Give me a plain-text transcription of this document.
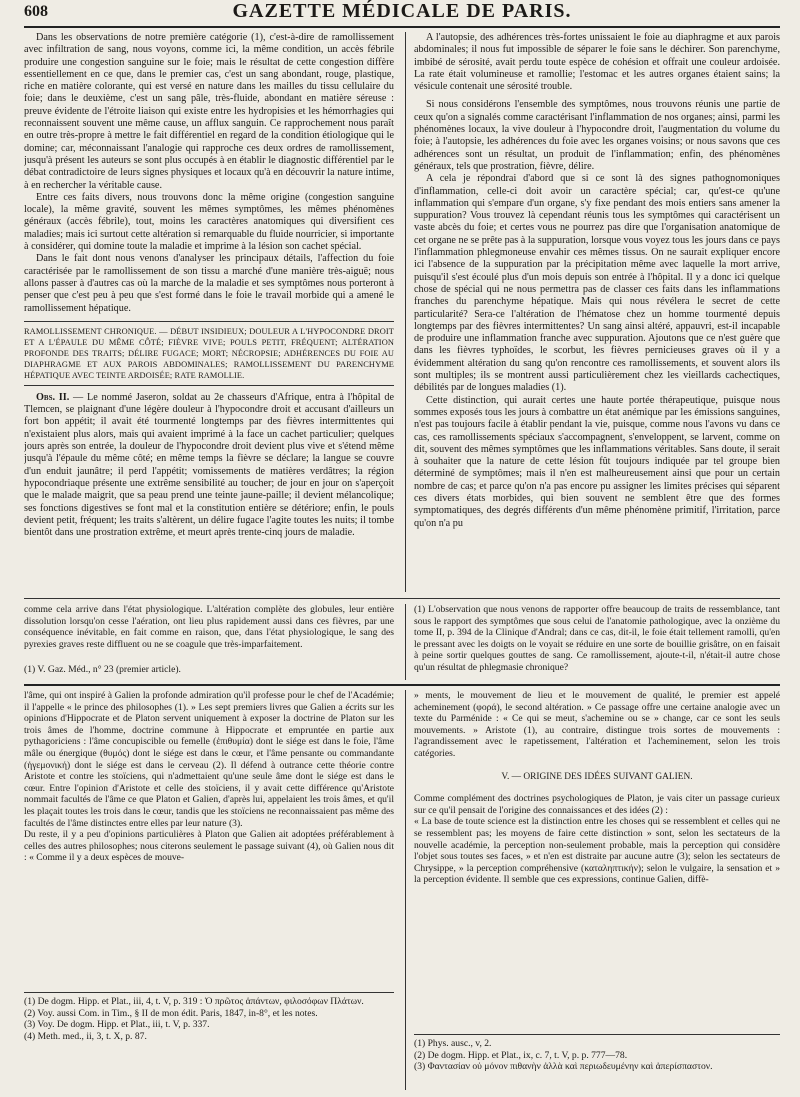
608	GAZETTE MÉDICALE DE PARIS.

Dans les observations de notre première catégorie (1), c'est-à-dire de ramollissement avec infiltration de sang, nous voyons, comme ici, la même condition, un accès fébrile produire une congestion sanguine sur le foie; mais le résultat de cette congestion diffère essentiellement en ce que, dans le premier cas, c'est un sang abondant, rouge, plastique, riche en matière colorante, qui est versé en nature dans les mailles du tissu cellulaire du foie; dans le deuxième, c'est un sang pâle, très-fluide, abondant en matière séreuse : preuve évidente de l'étroite liaison qui existe entre les hydropisies et les hémorrhagies qui reconnaissent souvent une même cause, un afflux sanguin. Ce rapprochement nous paraît en outre très-propre à mettre le fait différentiel en regard de la condition étiologique qui le domine; car, méconnaissant l'analogie qui rapproche ces deux ordres de ramollissement, jusqu'à présent les auteurs se sont plus occupés à en établir le diagnostic différentiel par le débat contradictoire de leurs signes physiques et locaux qu'à en découvrir la nature intime, à en rechercher la véritable cause.

Entre ces faits divers, nous trouvons donc la même origine (congestion sanguine locale), la même gravité, souvent les mêmes symptômes, les mêmes phénomènes généraux (accès fébrile), tout, moins les caractères anatomiques qui diversifient ces maladies; mais ici surtout cette altération si remarquable du fluide nourricier, si importante à considérer, qui domine toute la maladie et imprime à la lésion son cachet spécial.

Dans le fait dont nous venons d'analyser les principaux détails, l'affection du foie caractérisée par le ramollissement de son tissu a marché d'une manière très-aiguë; nous allons passer à d'autres cas où la marche de la maladie et ses symptômes nous porteront à penser que c'est peu à peu que s'est formé dans le foie le travail morbide qui a amené le ramollissement hépatique.

RAMOLLISSEMENT CHRONIQUE. — DÉBUT INSIDIEUX; DOULEUR A L'HYPOCONDRE DROIT ET A L'ÉPAULE DU MÊME CÔTÉ; FIÈVRE VIVE; POULS PETIT, FRÉQUENT; ALTÉRATION PROFONDE DES TRAITS; DÉLIRE FUGACE; MORT; NÉCROPSIE; ADHÉRENCES DU FOIE AU DIAPHRAGME ET AUX PAROIS ABDOMINALES; RAMOLLISSEMENT DU PARENCHYME HÉPATIQUE AVEC TEINTE ARDOISÉE; RATE RAMOLLIE.

Obs. II. — Le nommé Jaseron, soldat au 2e chasseurs d'Afrique, entra à l'hôpital de Tlemcen, se plaignant d'une légère douleur à l'hypocondre droit et accusant d'ailleurs un fort bon appétit; il avait été tourmenté longtemps par des fièvres intermittentes qui n'existaient plus alors, mais qui avaient imprimé à la face un cachet particulier; quelques jours après son entrée, la douleur de l'hypocondre droit devient plus vive et s'étend même jusqu'à l'épaule du même côté; en même temps la fièvre se déclare; la langue se couvre d'un enduit jaunâtre; il perd l'appétit; vomissements de matières verdâtres; la région hypocondriaque présente une extrême sensibilité au toucher; de jour en jour on s'aperçoit que le malade maigrit, que sa peau prend une teinte jaune-paille; il devient mélancolique; ses fonctions digestives se font mal et la constitution entière se détériore; enfin, le pouls devient petit, fréquent; les traits s'altèrent, un délire fugace l'agite toutes les nuits; il tombe bientôt dans une prostration extrême, et meurt après trente-cinq jours de maladie.

A l'autopsie, des adhérences très-fortes unissaient le foie au diaphragme et aux parois abdominales; il nous fut impossible de séparer le foie sans le déchirer. Son parenchyme, imbibé de sérosité, avait perdu toute espèce de cohésion et offrait une couleur ardoisée. La rate était volumineuse et ramollie; l'estomac et les autres organes étaient sains; la vésicule contenait une sérosité trouble.

Si nous considérons l'ensemble des symptômes, nous trouvons réunis une partie de ceux qu'on a signalés comme caractérisant l'inflammation de nos organes; ainsi, parmi les phénomènes locaux, la vive douleur à l'hypocondre droit, l'augmentation du volume du foie; à l'autopsie, les adhérences du foie avec les organes voisins; or nous savons que ces adhérences sont un résultat, un produit de l'inflammation; enfin, des phénomènes généraux, tels que prostration, fièvre, délire.

A cela je répondrai d'abord que si ce sont là des signes pathognomoniques d'inflammation, celle-ci doit avoir un caractère spécial; car, qu'est-ce qu'une inflammation qui s'empare d'un organe, s'y fixe pendant des mois entiers sans amener la suppuration? Vous trouvez là cependant réunis tous les symptômes qui caractérisent un vaste abcès du foie; et certes vous ne pourrez pas dire que l'organisation anatomique de cet organe ne se prête pas à la suppuration, lorsque vous voyez tous les jours dans ce pays l'inflammation phlegmoneuse envahir ces mêmes tissus. On ne saurait expliquer encore ici l'absence de la suppuration par la précipitation même avec laquelle la mort arrive, puisqu'il s'est écoulé plus d'un mois depuis son entrée à l'hôpital. Il y a donc ici quelque chose de spécial qui ne nous permettra pas de classer ces faits dans les inflammations franches du parenchyme hépatique. Mais qui nous révélera le secret de cette particularité? Sera-ce l'altération de l'hématose chez un homme tourmenté depuis longtemps par des fièvres intermittentes? Un sang ainsi altéré, appauvri, est-il incapable de produire une inflammation franche avec suppuration. Ajoutons que ce n'est guère que dans les fièvres typhoïdes, le scorbut, les fièvres pernicieuses graves où il y a évidemment altération du sang qu'on rencontre ces ramollissements, et souvent alors ils sont multiples; ils se montrent aussi particulièrement chez les vieillards cachectiques, débilités par de longues maladies (1).

Cette distinction, qui aurait certes une haute portée thérapeutique, puisque nous sommes exposés tous les jours à combattre un état anémique par les émissions sanguines, n'est pas toujours facile à établir pendant la vie, puisque, comme nous l'avons vu dans ce cas, ces ramollissements spéciaux s'accompagnent, s'enveloppent, se larvent, comme on dit, souvent des mêmes symptômes que les inflammations véritables. Sans doute, il serait à souhaiter que la nature de cette lésion fût toujours indiquée par tel groupe bien déterminé de symptômes; mais il n'en est malheureusement ainsi que pour un certain nombre de cas; et parce qu'on n'a pas encore pu assigner les limites précises qui séparent ces divers états morbides, qui bien souvent ne semblent être que des formes symptomatiques, des degrés différents d'un même phénomène primitif, l'irritation, parce qu'on n'a pu

comme cela arrive dans l'état physiologique. L'altération complète des globules, leur entière dissolution lorsqu'on cesse l'aération, ont lieu plus rapidement aussi dans ces fièvres, par une conséquence inévitable, en fait comme en raison, que, dans l'état physiologique, le sang des pyrexies graves reste diffluent ou ne se coagule que très-imparfaitement.

(1) V. Gaz. Méd., n° 23 (premier article).

(1) L'observation que nous venons de rapporter offre beaucoup de traits de ressemblance, tant sous le rapport des symptômes que sous celui de l'anatomie pathologique, avec la onzième du tome II, p. 394 de la Clinique d'Andral; dans ce cas, dit-il, le foie était tellement ramolli, qu'en le pressant avec les doigts on le voyait se réduire en une sorte de bouillie grisâtre, on en faisait à peine sortir quelques gouttes de sang. Ce ramollissement, ajoute-t-il, n'était-il autre chose qu'un résultat de phlegmasie chronique?

l'âme, qui ont inspiré à Galien la profonde admiration qu'il professe pour le chef de l'Académie; il l'appelle « le prince des philosophes (1). » Les sept premiers livres que Galien a écrits sur les opinions d'Hippocrate et de Platon servent uniquement à exposer la doctrine de Platon sur les trois âmes de l'homme, doctrine commune à Hippocrate et empruntée en partie aux pythagoriciens : l'âme concupiscible ou femelle (ἐπιθυμία) dont le siége est dans le foie, l'âme mâle ou énergique (θυμός) dont le siége est dans le cœur, et l'âme pensante ou commandante (ἡγεμονική) dont le siége est dans le cerveau (2). Il défend à outrance cette théorie contre Aristote et contre les stoïciens, qui n'admettaient qu'une seule âme dont le siége est dans le cœur. Entre l'opinion d'Aristote et celle des stoïciens, il y avait cette différence qu'Aristote nommait facultés de l'âme ce que Platon et Galien, d'après lui, appelaient les trois âmes, et qu'il les plaçait toutes les trois dans le cœur, tandis que les stoïciens ne reconnaissaient pas même des facultés de l'âme distinctes entre elles par leur nature (3).

Du reste, il y a peu d'opinions particulières à Platon que Galien ait adoptées préférablement à celles des autres philosophes; nous citerons seulement le passage suivant (4), où Galien nous dit : « Comme il y a deux espèces de mouve-

(1) De dogm. Hipp. et Plat., iii, 4, t. V, p. 319 : Ὁ πρῶτος ἁπάντων, φιλοσόφων Πλάτων.

(2) Voy. aussi Com. in Tim., § II de mon édit. Paris, 1847, in-8°, et les notes.

(3) Voy. De dogm. Hipp. et Plat., iii, t. V, p. 337.

(4) Meth. med., ii, 3, t. X, p. 87.

» ments, le mouvement de lieu et le mouvement de qualité, le premier est appelé acheminement (φορά), le second altération. » Ce passage offre une certaine analogie avec un texte du Parménide : « Ce qui se meut, s'achemine ou se » change, car ce sont les seuls mouvements. » Aristote (1), au contraire, distingue trois sortes de mouvements : l'agrandissement avec le rapetissement, l'altération et l'acheminement, selon les trois catégories.

V. — ORIGINE DES IDÉES SUIVANT GALIEN.

Comme complément des doctrines psychologiques de Platon, je vais citer un passage curieux sur ce qu'il pensait de l'origine des connaissances et des idées (2) :

« La base de toute science est la distinction entre les choses qui se ressemblent et celles qui ne se ressemblent pas; les moyens de faire cette distinction » sont, selon les sectateurs de la nouvelle académie, la perception non-seulement probable, mais la perception qui considère l'objet sous toutes ses faces, » et n'en est distraite par aucune autre (3); selon les sectateurs de Chrysippe, » la perception compréhensive (καταληπτικήν); selon le vulgaire, la sensation et » la perception évidente. Il semble que ces expressions, continue Galien, diffè-

(1) Phys. ausc., v, 2.

(2) De dogm. Hipp. et Plat., ix, c. 7, t. V, p. p. 777—78.

(3) Φαντασίαν οὐ μόνον πιθανὴν ἀλλὰ καὶ περιωδευμένην καὶ ἀπερίσπαστον.
